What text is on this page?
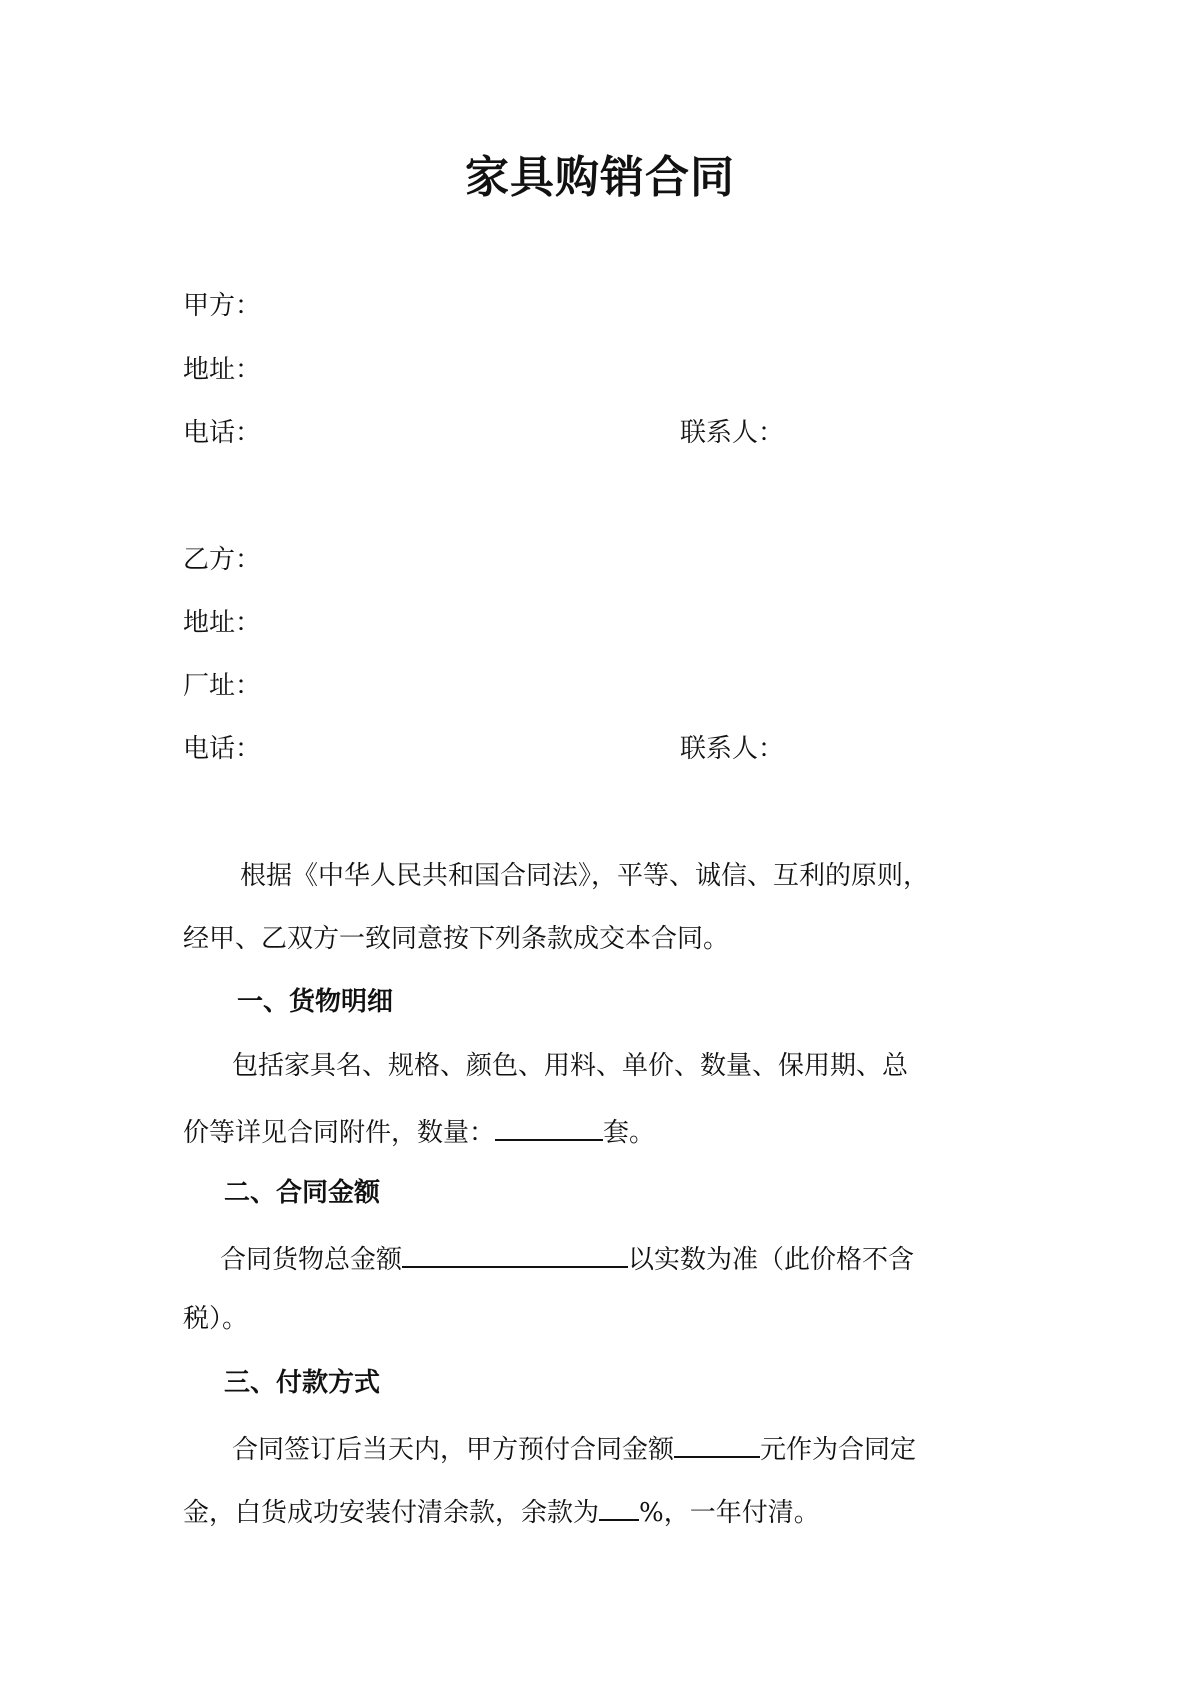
家具购销合同
甲方：
地址：
电话：	联系人：
乙方：
地址：
厂址：
电话：	联系人：
根据《中华人民共和国合同法》，平等、诚信、互利的原则，
经甲、乙双方一致同意按下列条款成交本合同。
一、货物明细
包括家具名、规格、颜色、用料、单价、数量、保用期、总
价等详见合同附件，数量：	套。
二、合同金额
合同货物总金额	以实数为准（此价格不含
税）。
三、付款方式
合同签订后当天内，甲方预付合同金额	元作为合同定
金，白货成功安装付清余款，余款为 %，一年付清。
